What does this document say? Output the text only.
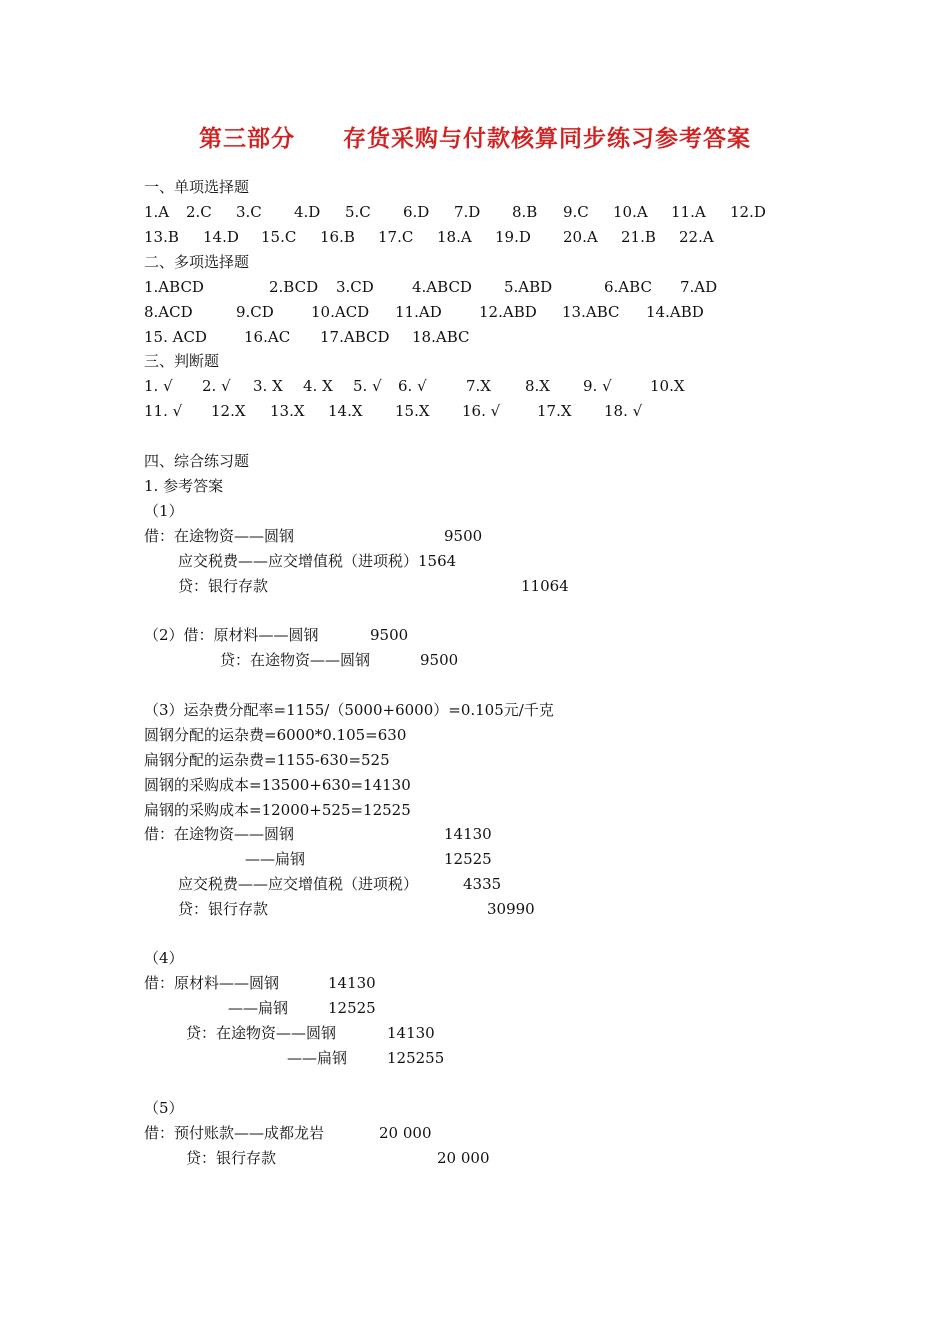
第三部分 存货采购与付款核算同步练习参考答案
一、单项选择题
1.A 2.C 3.C 4.D 5.C 6.D 7.D 8.B 9.C 10.A 11.A 12.D
13.B 14.D 15.C 16.B 17.C 18.A 19.D 20.A 21.B 22.A
二、多项选择题
1.ABCD	2.BCD 3.CD	4.ABCD 5.ABD	6.ABC 7.AD
8.ACD	9.CD 10.ACD 11.AD 12.ABD 13.ABC 14.ABD
15. ACD 16.AC 17.ABCD 18.ABC
三、判断题
1. √ 2. √ 3. X 4. X 5. √ 6. √	7.X 8.X 9. √	10.X
11. √ 12.X 13.X 14.X 15.X 16. √ 17.X 18. √
四、综合练习题
1. 参考答案
（1）
借：在途物资——圆钢	9500
应交税费——应交增值税（进项税）1564
贷：银行存款	11064
（2）借：原材料——圆钢	9500
贷：在途物资——圆钢	9500
（3）运杂费分配率=1155/（5000+6000）=0.105元/千克
圆钢分配的运杂费=6000*0.105=630
扁钢分配的运杂费=1155-630=525
圆钢的采购成本=13500+630=14130
扁钢的采购成本=12000+525=12525
借：在途物资——圆钢	14130
——扁钢	12525
应交税费——应交增值税（进项税）	4335
贷：银行存款	30990
（4）
借：原材料——圆钢	14130
——扁钢	12525
贷：在途物资——圆钢	14130
——扁钢	125255
（5）
借：预付账款——成都龙岩	20 000
贷：银行存款	20 000
